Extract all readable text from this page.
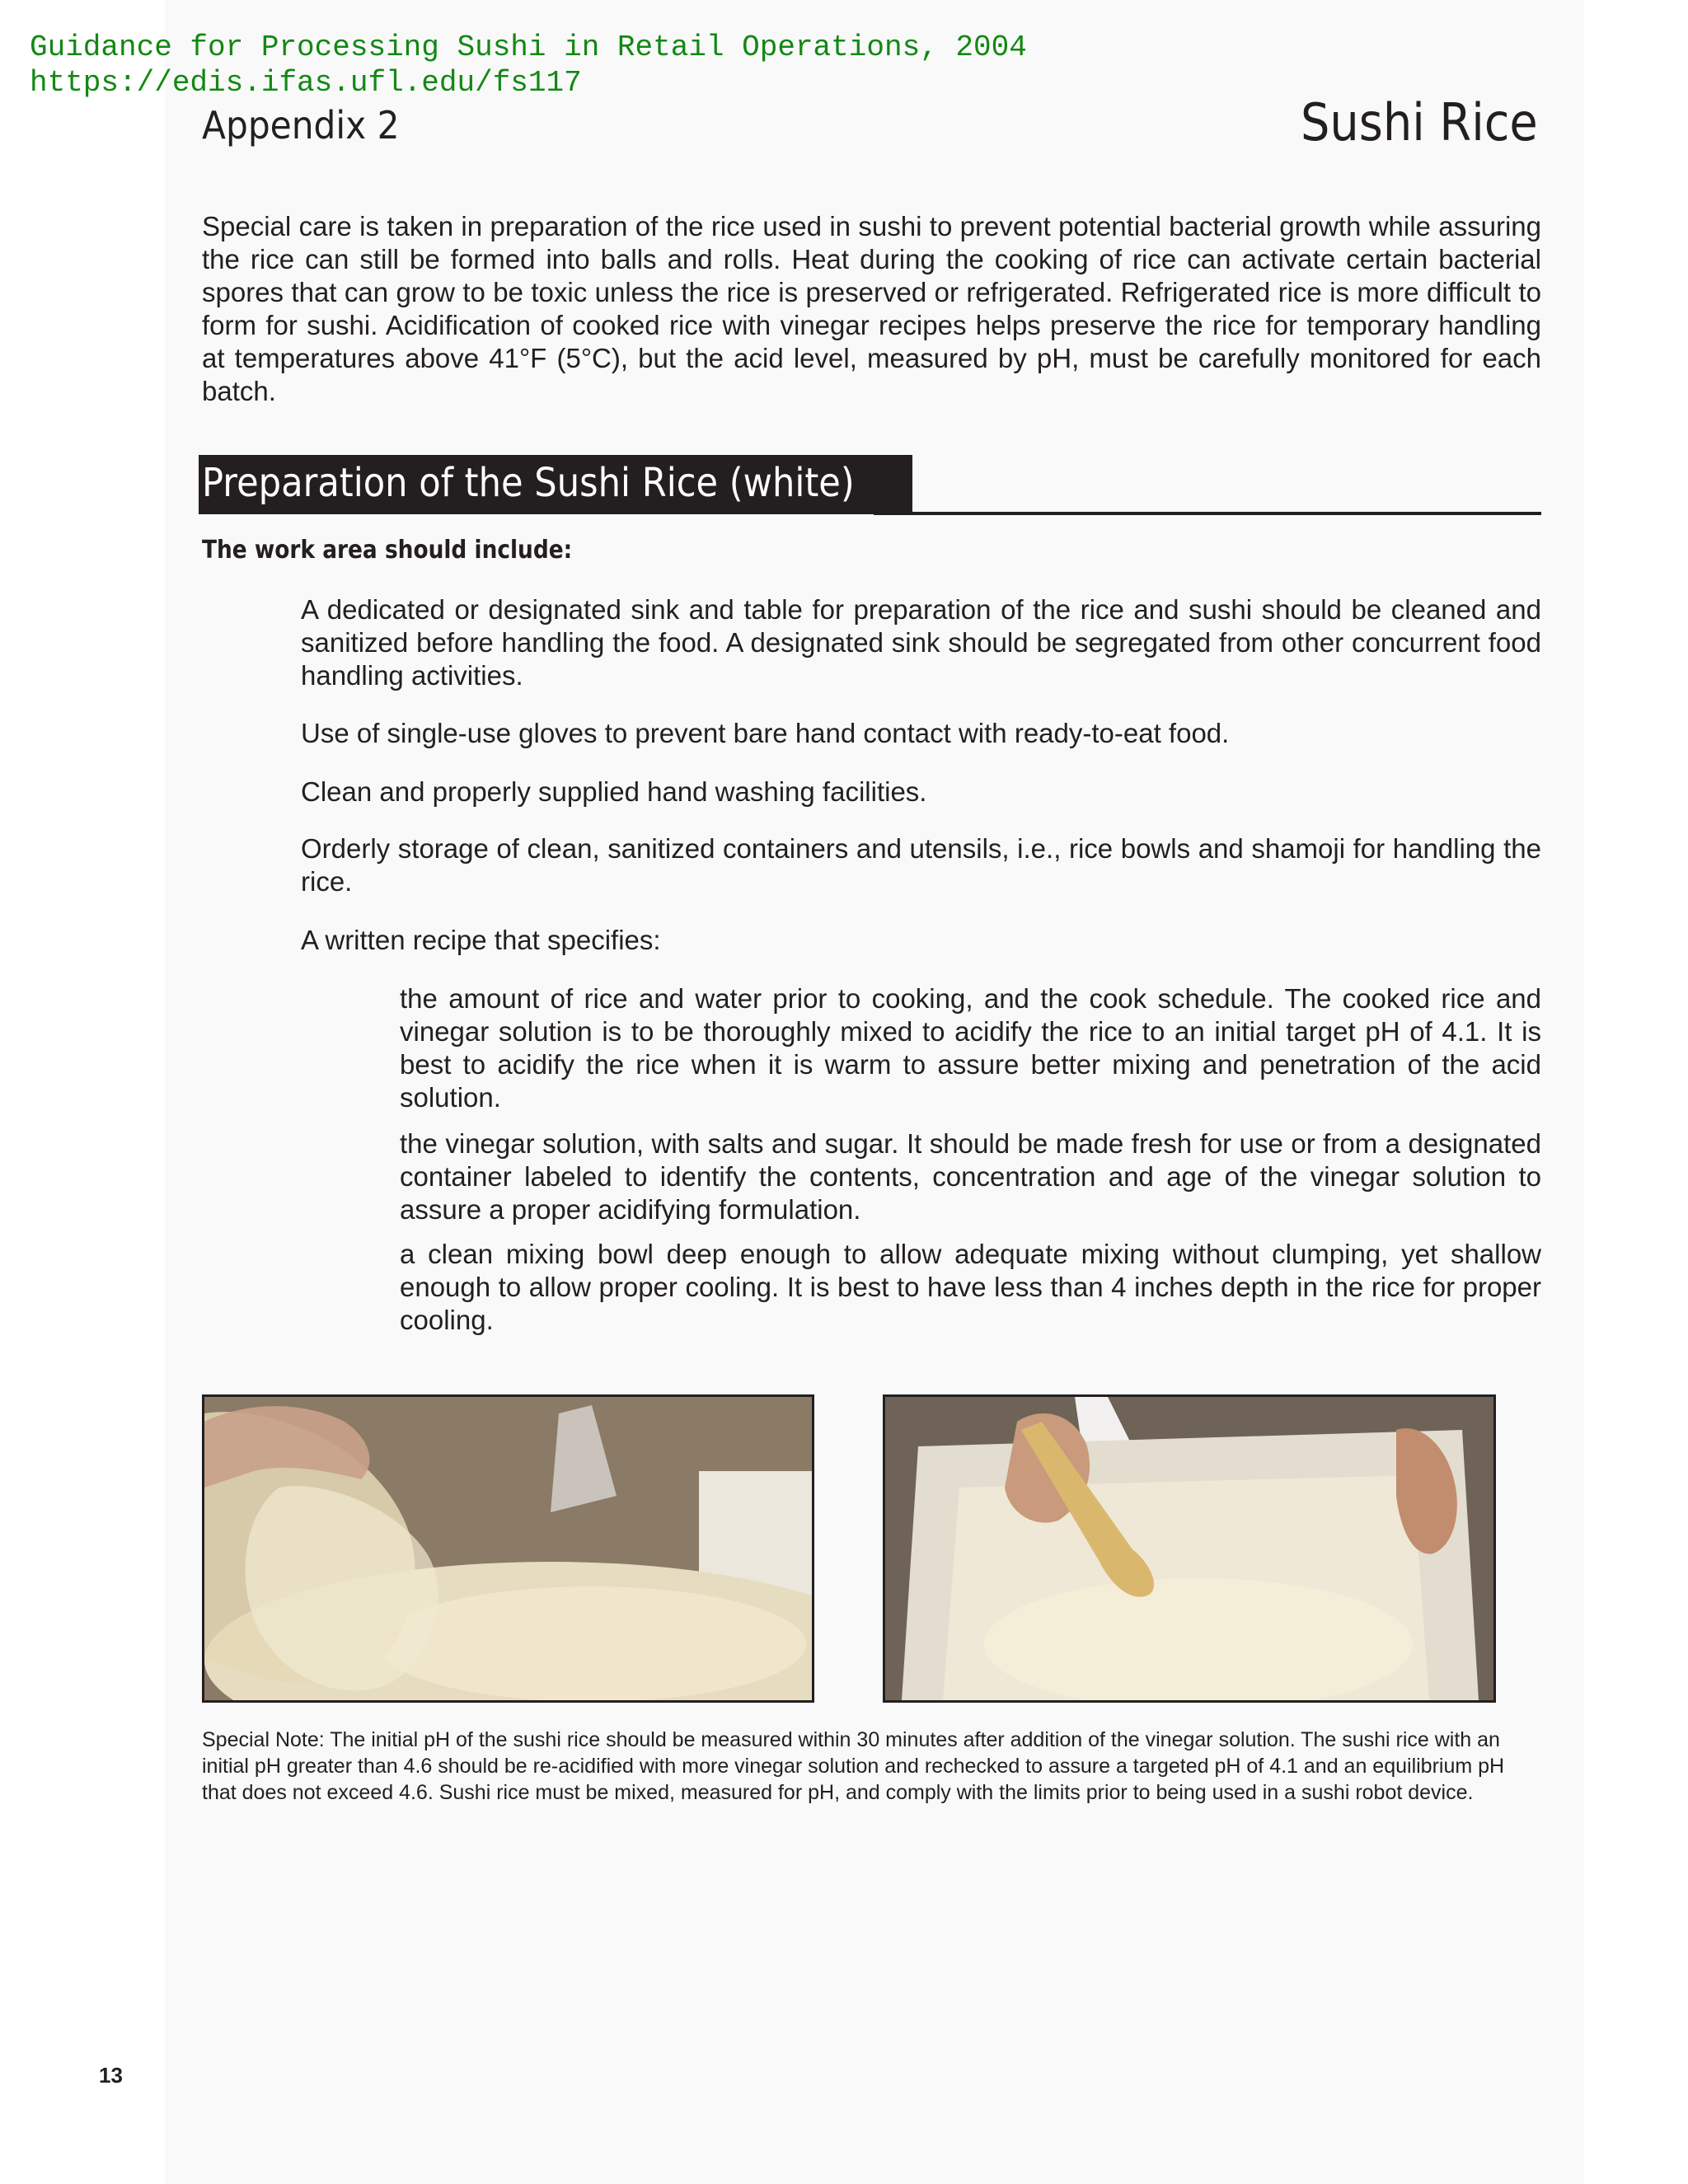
Guidance for Processing Sushi in Retail Operations, 2004
https://edis.ifas.ufl.edu/fs117
Appendix 2	Sushi Rice

Special care is taken in preparation of the rice used in sushi to prevent potential bacterial growth while assuring the rice can still be formed into balls and rolls. Heat during the cooking of rice can activate certain bacterial spores that can grow to be toxic unless the rice is preserved or refrigerated. Refrigerated rice is more difficult to form for sushi. Acidification of cooked rice with vinegar recipes helps preserve the rice for temporary handling at temperatures above 41°F (5°C), but the acid level, measured by pH, must be carefully monitored for each batch.

Preparation of the Sushi Rice (white)
The work area should include:

A dedicated or designated sink and table for preparation of the rice and sushi should be cleaned and sanitized before handling the food. A designated sink should be segregated from other concurrent food handling activities.

Use of single-use gloves to prevent bare hand contact with ready-to-eat food.

Clean and properly supplied hand washing facilities.

Orderly storage of clean, sanitized containers and utensils, i.e., rice bowls and shamoji for handling the rice.

A written recipe that specifies:

the amount of rice and water prior to cooking, and the cook schedule. The cooked rice and vinegar solution is to be thoroughly mixed to acidify the rice to an initial target pH of 4.1. It is best to acidify the rice when it is warm to assure better mixing and penetration of the acid solution.

the vinegar solution, with salts and sugar. It should be made fresh for use or from a designated container labeled to identify the contents, concentration and age of the vinegar solution to assure a proper acidifying formulation.

a clean mixing bowl deep enough to allow adequate mixing without clumping, yet shallow enough to allow proper cooling. It is best to have less than 4 inches depth in the rice for proper cooling.

Special Note: The initial pH of the sushi rice should be measured within 30 minutes after addition of the vinegar solution. The sushi rice with an initial pH greater than 4.6 should be re-acidified with more vinegar solution and rechecked to assure a targeted pH of 4.1 and an equilibrium pH that does not exceed 4.6. Sushi rice must be mixed, measured for pH, and comply with the limits prior to being used in a sushi robot device.

13
